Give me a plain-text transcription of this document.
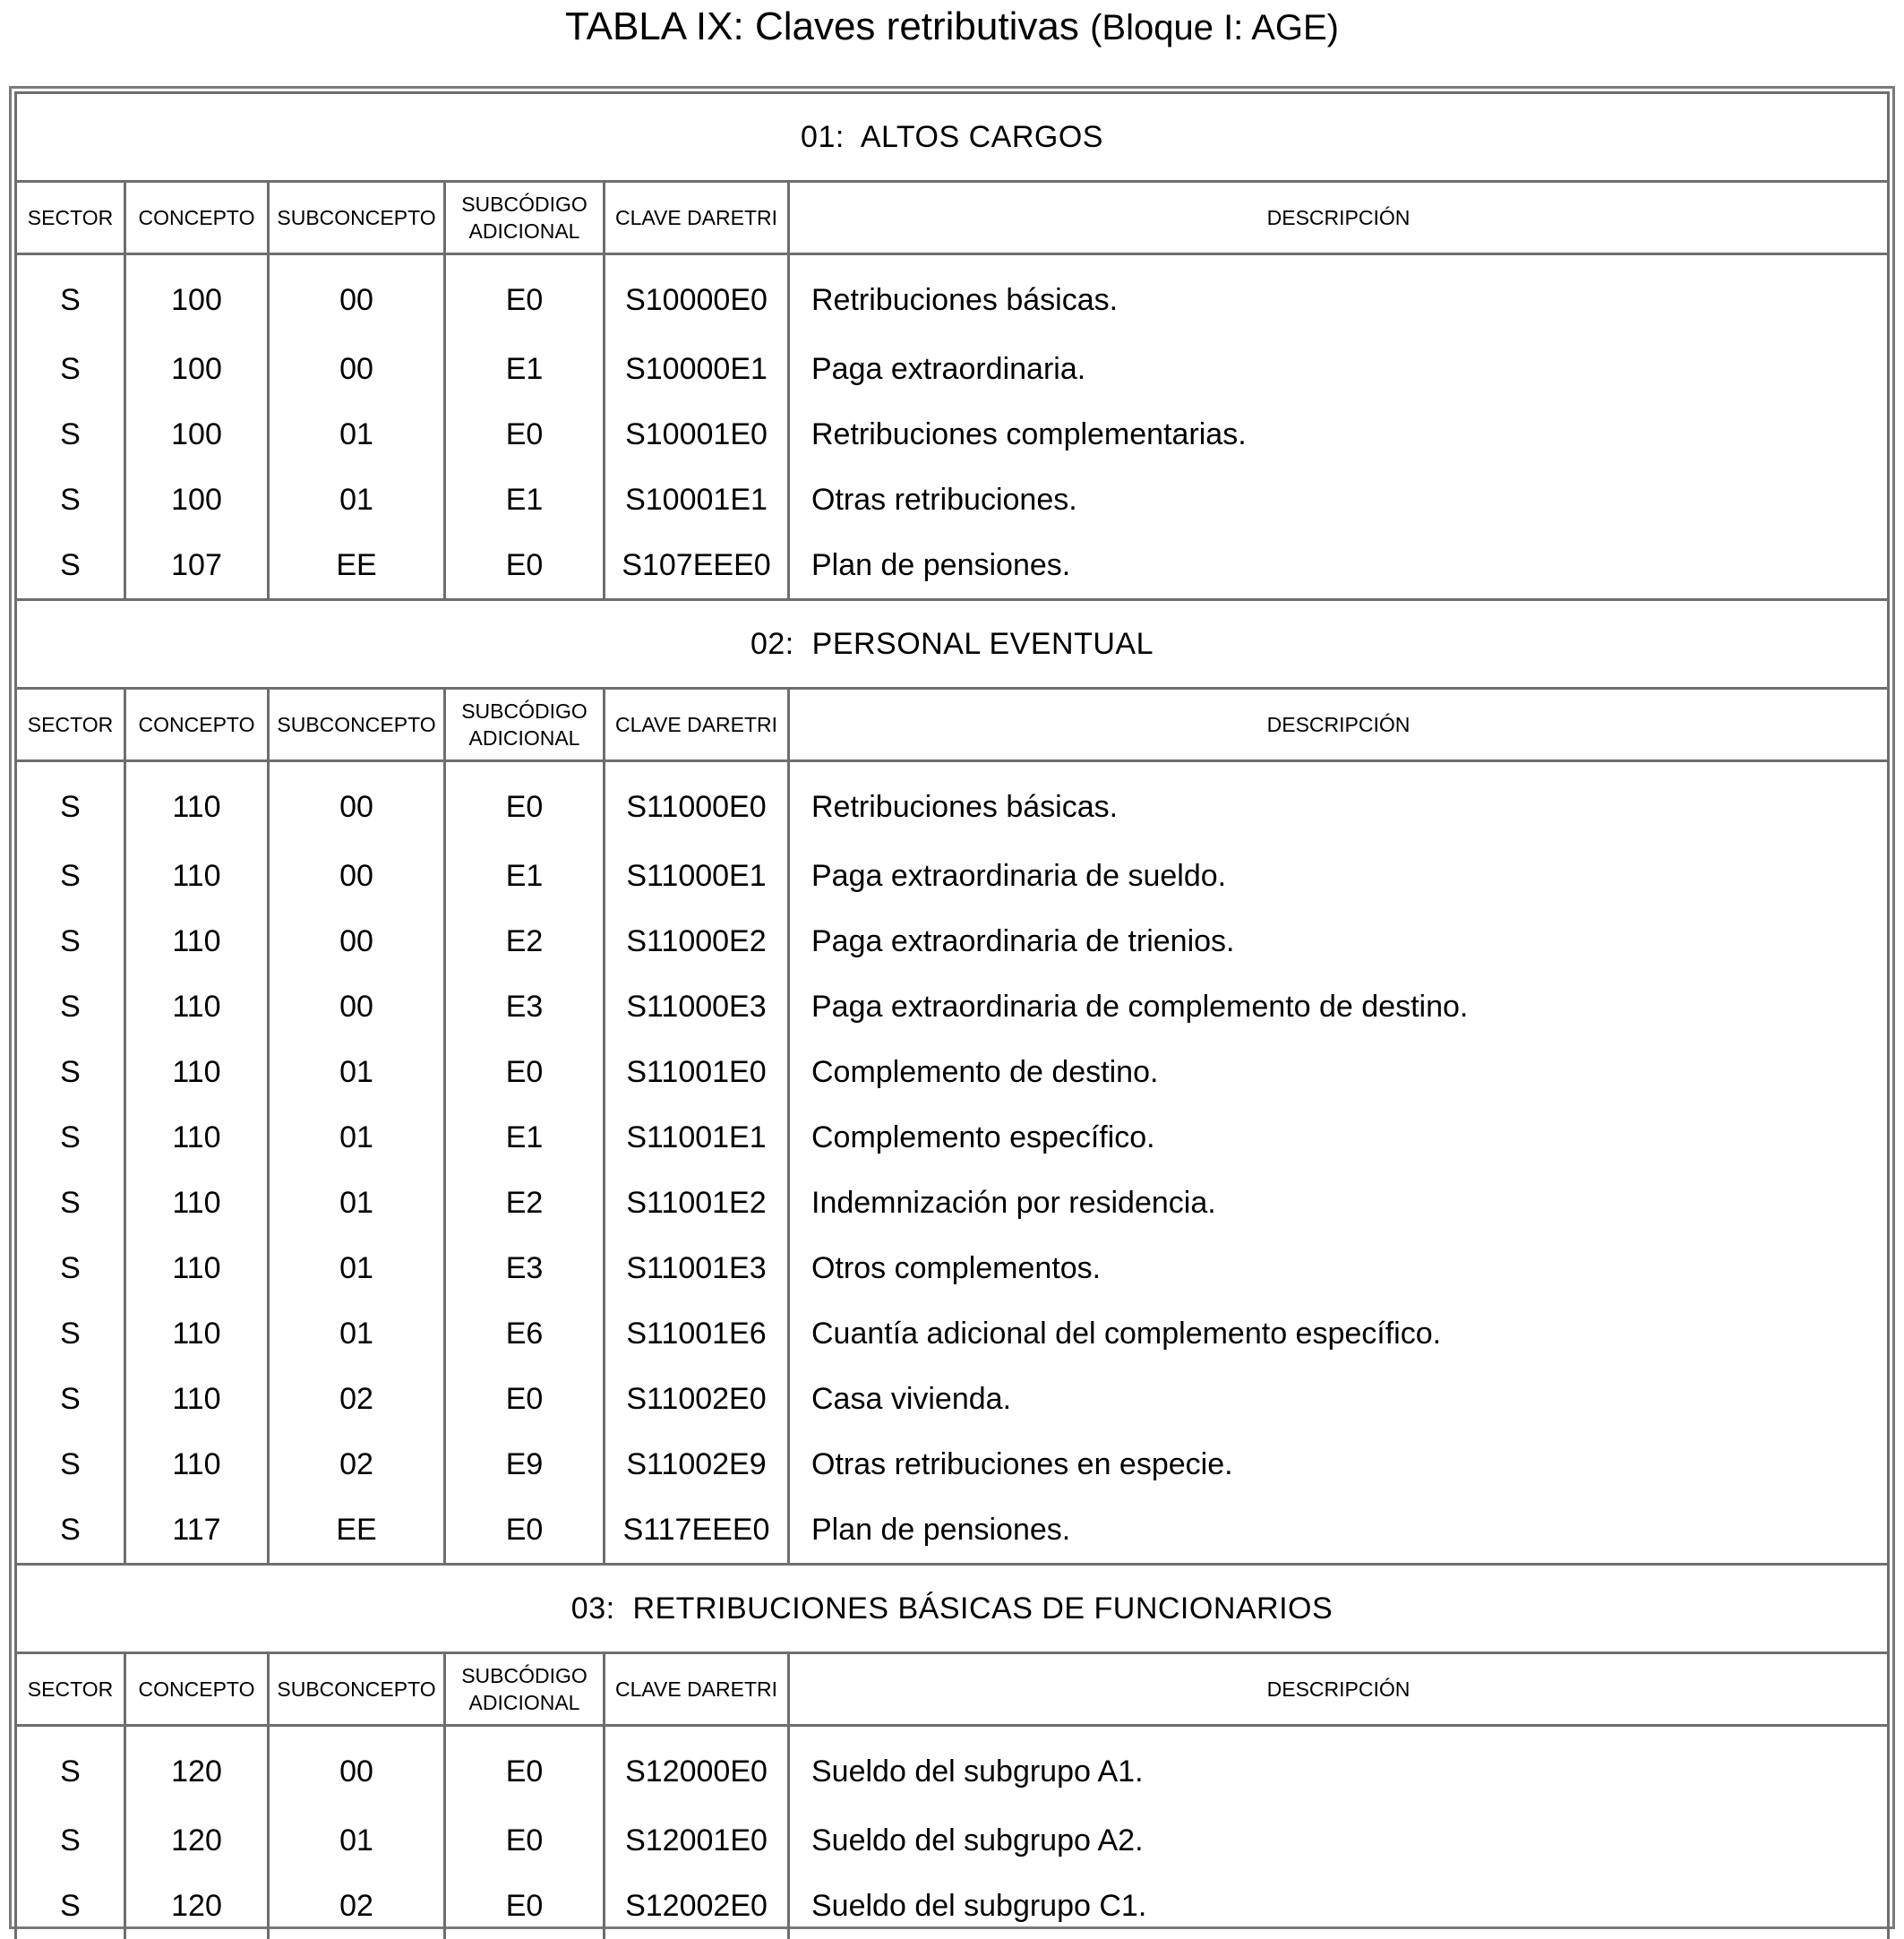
TABLA IX: Claves retributivas (Bloque I: AGE)
01:  ALTOS CARGOS					
SECTOR	CONCEPTO	SUBCONCEPTO	SUBCÓDIGO ADICIONAL	CLAVE DARETRI	DESCRIPCIÓN
S	100	00	E0	S10000E0	Retribuciones básicas.
S	100	00	E1	S10000E1	Paga extraordinaria.
S	100	01	E0	S10001E0	Retribuciones complementarias.
S	100	01	E1	S10001E1	Otras retribuciones.
S	107	EE	E0	S107EEE0	Plan de pensiones.
02:  PERSONAL EVENTUAL					
SECTOR	CONCEPTO	SUBCONCEPTO	SUBCÓDIGO ADICIONAL	CLAVE DARETRI	DESCRIPCIÓN
S	110	00	E0	S11000E0	Retribuciones básicas.
S	110	00	E1	S11000E1	Paga extraordinaria de sueldo.
S	110	00	E2	S11000E2	Paga extraordinaria de trienios.
S	110	00	E3	S11000E3	Paga extraordinaria de complemento de destino.
S	110	01	E0	S11001E0	Complemento de destino.
S	110	01	E1	S11001E1	Complemento específico.
S	110	01	E2	S11001E2	Indemnización por residencia.
S	110	01	E3	S11001E3	Otros complementos.
S	110	01	E6	S11001E6	Cuantía adicional del complemento específico.
S	110	02	E0	S11002E0	Casa vivienda.
S	110	02	E9	S11002E9	Otras retribuciones en especie.
S	117	EE	E0	S117EEE0	Plan de pensiones.
03:  RETRIBUCIONES BÁSICAS DE FUNCIONARIOS					
SECTOR	CONCEPTO	SUBCONCEPTO	SUBCÓDIGO ADICIONAL	CLAVE DARETRI	DESCRIPCIÓN
S	120	00	E0	S12000E0	Sueldo del subgrupo A1.
S	120	01	E0	S12001E0	Sueldo del subgrupo A2.
S	120	02	E0	S12002E0	Sueldo del subgrupo C1.
